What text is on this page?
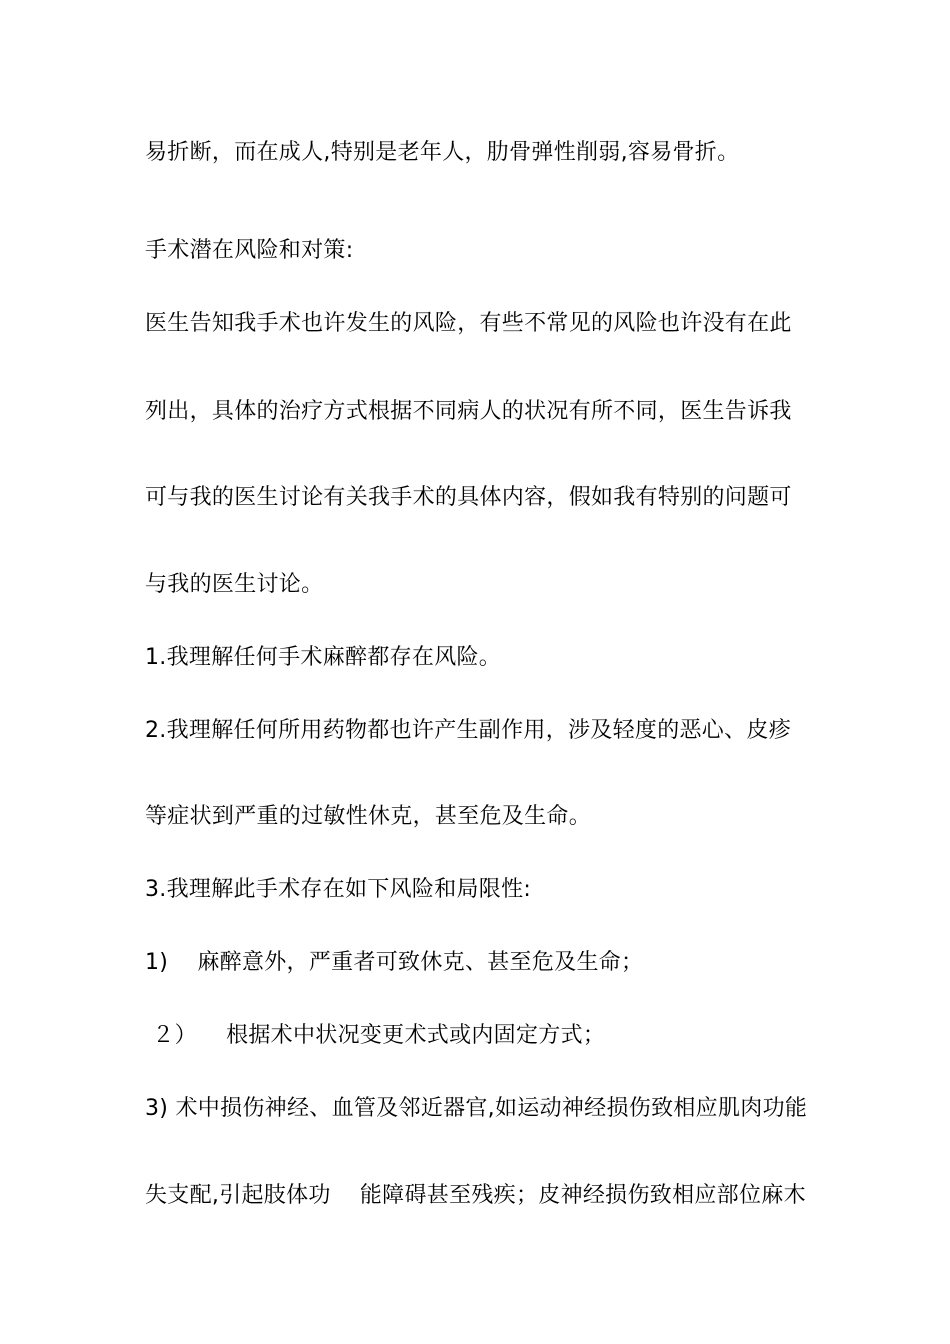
易折断，而在成人,特别是老年人，肋骨弹性削弱,容易骨折。
手术潜在风险和对策:
医生告知我手术也许发生的风险，有些不常见的风险也许没有在此
列出，具体的治疗方式根据不同病人的状况有所不同，医生告诉我
可与我的医生讨论有关我手术的具体内容，假如我有特别的问题可
与我的医生讨论。
1.我理解任何手术麻醉都存在风险。
2.我理解任何所用药物都也许产生副作用，涉及轻度的恶心、皮疹
等症状到严重的过敏性休克，甚至危及生命。
3.我理解此手术存在如下风险和局限性:
1)    麻醉意外，严重者可致休克、甚至危及生命；
２）    根据术中状况变更术式或内固定方式；
3) 术中损伤神经、血管及邻近器官,如运动神经损伤致相应肌肉功能
失支配,引起肢体功    能障碍甚至残疾；皮神经损伤致相应部位麻木
